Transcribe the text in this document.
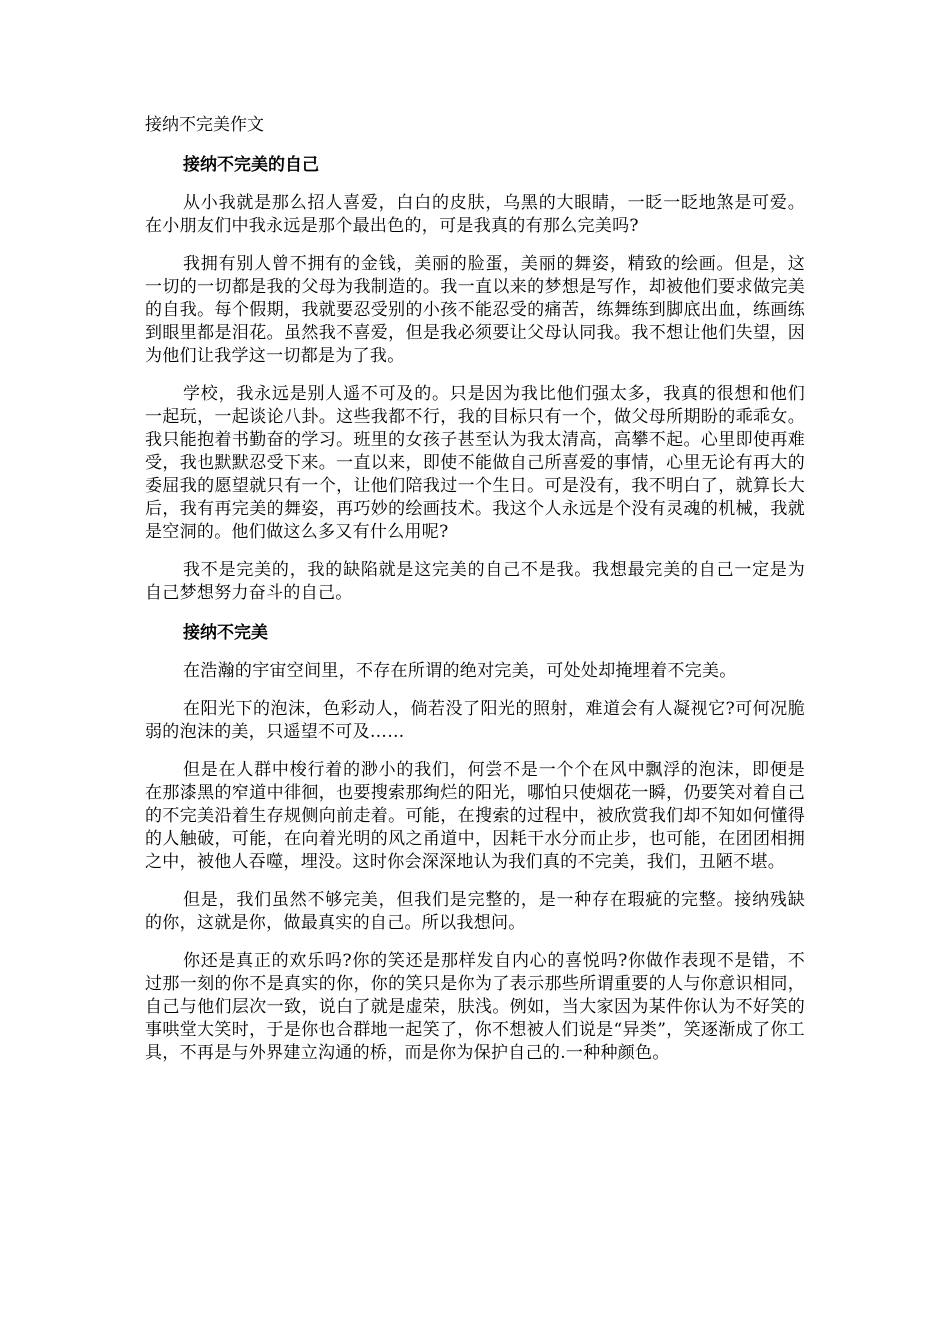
接纳不完美作文
接纳不完美的自己

从小我就是那么招人喜爱，白白的皮肤，乌黑的大眼睛，一眨一眨地煞是可爱。在小朋友们中我永远是那个最出色的，可是我真的有那么完美吗?

我拥有别人曾不拥有的金钱，美丽的脸蛋，美丽的舞姿，精致的绘画。但是，这一切的一切都是我的父母为我制造的。我一直以来的梦想是写作，却被他们要求做完美的自我。每个假期，我就要忍受别的小孩不能忍受的痛苦，练舞练到脚底出血，练画练到眼里都是泪花。虽然我不喜爱，但是我必须要让父母认同我。我不想让他们失望，因为他们让我学这一切都是为了我。

学校，我永远是别人遥不可及的。只是因为我比他们强太多，我真的很想和他们一起玩，一起谈论八卦。这些我都不行，我的目标只有一个，做父母所期盼的乖乖女。我只能抱着书勤奋的学习。班里的女孩子甚至认为我太清高，高攀不起。心里即使再难受，我也默默忍受下来。一直以来，即使不能做自己所喜爱的事情，心里无论有再大的委屈我的愿望就只有一个，让他们陪我过一个生日。可是没有，我不明白了，就算长大后，我有再完美的舞姿，再巧妙的绘画技术。我这个人永远是个没有灵魂的机械，我就是空洞的。他们做这么多又有什么用呢?

我不是完美的，我的缺陷就是这完美的自己不是我。我想最完美的自己一定是为自己梦想努力奋斗的自己。

接纳不完美

在浩瀚的宇宙空间里，不存在所谓的绝对完美，可处处却掩埋着不完美。

在阳光下的泡沫，色彩动人，倘若没了阳光的照射，难道会有人凝视它?可何况脆弱的泡沫的美，只遥望不可及……

但是在人群中梭行着的渺小的我们，何尝不是一个个在风中飘浮的泡沫，即便是在那漆黑的窄道中徘徊，也要搜索那绚烂的阳光，哪怕只使烟花一瞬，仍要笑对着自己的不完美沿着生存规侧向前走着。可能，在搜索的过程中，被欣赏我们却不知如何懂得的人触破，可能，在向着光明的风之甬道中，因耗干水分而止步，也可能，在团团相拥之中，被他人吞噬，埋没。这时你会深深地认为我们真的不完美，我们，丑陋不堪。

但是，我们虽然不够完美，但我们是完整的，是一种存在瑕疵的完整。接纳残缺的你，这就是你，做最真实的自己。所以我想问。

你还是真正的欢乐吗?你的笑还是那样发自内心的喜悦吗?你做作表现不是错，不过那一刻的你不是真实的你，你的笑只是你为了表示那些所谓重要的人与你意识相同，自己与他们层次一致，说白了就是虚荣，肤浅。例如，当大家因为某件你认为不好笑的事哄堂大笑时，于是你也合群地一起笑了，你不想被人们说是“异类”，笑逐渐成了你工具，不再是与外界建立沟通的桥，而是你为保护自己的.一种种颜色。
